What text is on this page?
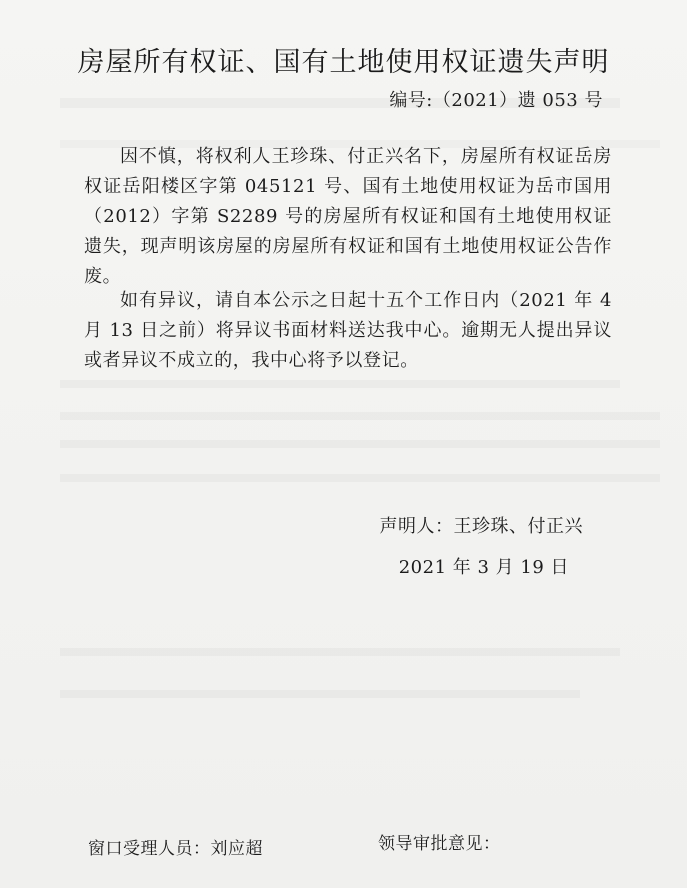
房屋所有权证、国有土地使用权证遗失声明
编号:（2021）遗 053 号

因不慎，将权利人王珍珠、付正兴名下，房屋所有权证岳房权证岳阳楼区字第 045121 号、国有土地使用权证为岳市国用（2012）字第 S2289 号的房屋所有权证和国有土地使用权证遗失，现声明该房屋的房屋所有权证和国有土地使用权证公告作废。

如有异议，请自本公示之日起十五个工作日内（2021 年 4 月 13 日之前）将异议书面材料送达我中心。逾期无人提出异议或者异议不成立的，我中心将予以登记。

声明人：王珍珠、付正兴
2021 年 3 月 19 日
窗口受理人员：刘应超	领导审批意见：
